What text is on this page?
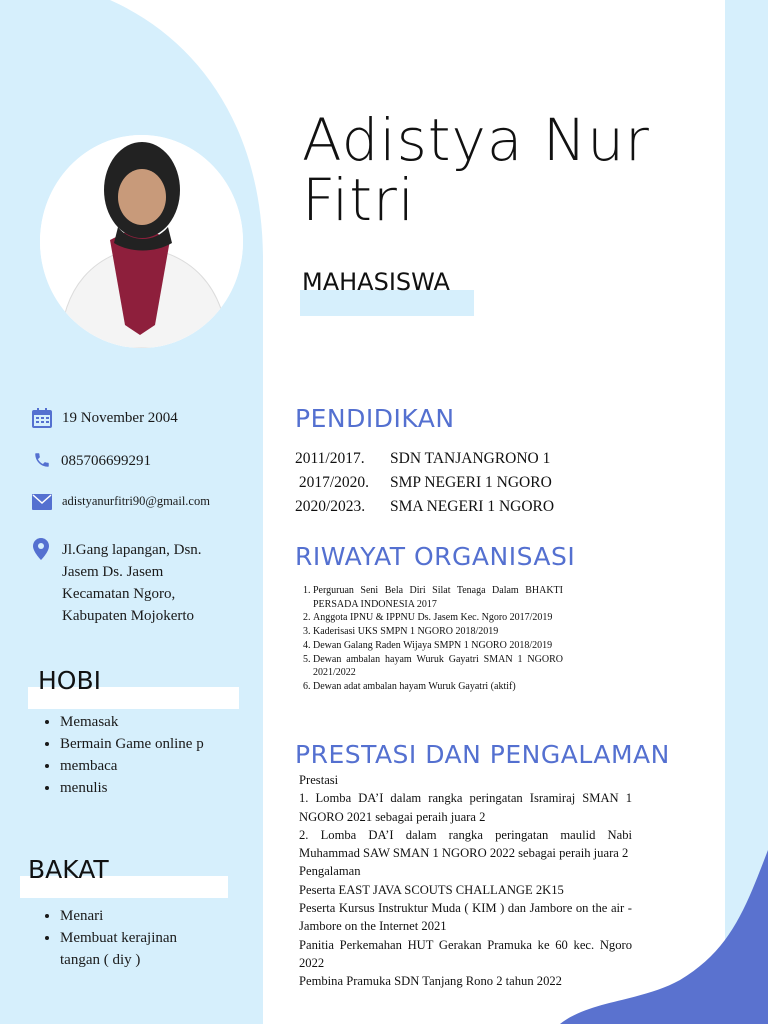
Adistya Nur
Fitri
MAHASISWA
19 November 2004
085706699291
adistyanurfitri90@gmail.com
Jl.Gang lapangan, Dsn.
Jasem Ds. Jasem
Kecamatan Ngoro,
Kabupaten Mojokerto
HOBI
• Memasak
• Bermain Game online p
• membaca
• menulis
BAKAT
• Menari
• Membuat kerajinan
tangan ( diy )
PENDIDIKAN
2011/2017. SDN TANJANGRONO 1
2017/2020. SMP NEGERI 1 NGORO
2020/2023. SMA NEGERI 1 NGORO
RIWAYAT ORGANISASI
1. Perguruan Seni Bela Diri Silat Tenaga Dalam BHAKTI PERSADA INDONESIA 2017
2. Anggota IPNU & IPPNU Ds. Jasem Kec. Ngoro 2017/2019
3. Kaderisasi UKS SMPN 1 NGORO 2018/2019
4. Dewan Galang Raden Wijaya SMPN 1 NGORO 2018/2019
5. Dewan ambalan hayam Wuruk Gayatri SMAN 1 NGORO 2021/2022
6. Dewan adat ambalan hayam Wuruk Gayatri (aktif)
PRESTASI DAN PENGALAMAN
Prestasi
1. Lomba DA’I dalam rangka peringatan Isramiraj SMAN 1 NGORO 2021 sebagai peraih juara 2
2. Lomba DA’I dalam rangka peringatan maulid Nabi Muhammad SAW SMAN 1 NGORO 2022 sebagai peraih juara 2
Pengalaman
Peserta EAST JAVA SCOUTS CHALLANGE 2K15
Peserta Kursus Instruktur Muda ( KIM ) dan Jambore on the air - Jambore on the Internet 2021
Panitia Perkemahan HUT Gerakan Pramuka ke 60 kec. Ngoro 2022
Pembina Pramuka SDN Tanjang Rono 2 tahun 2022
